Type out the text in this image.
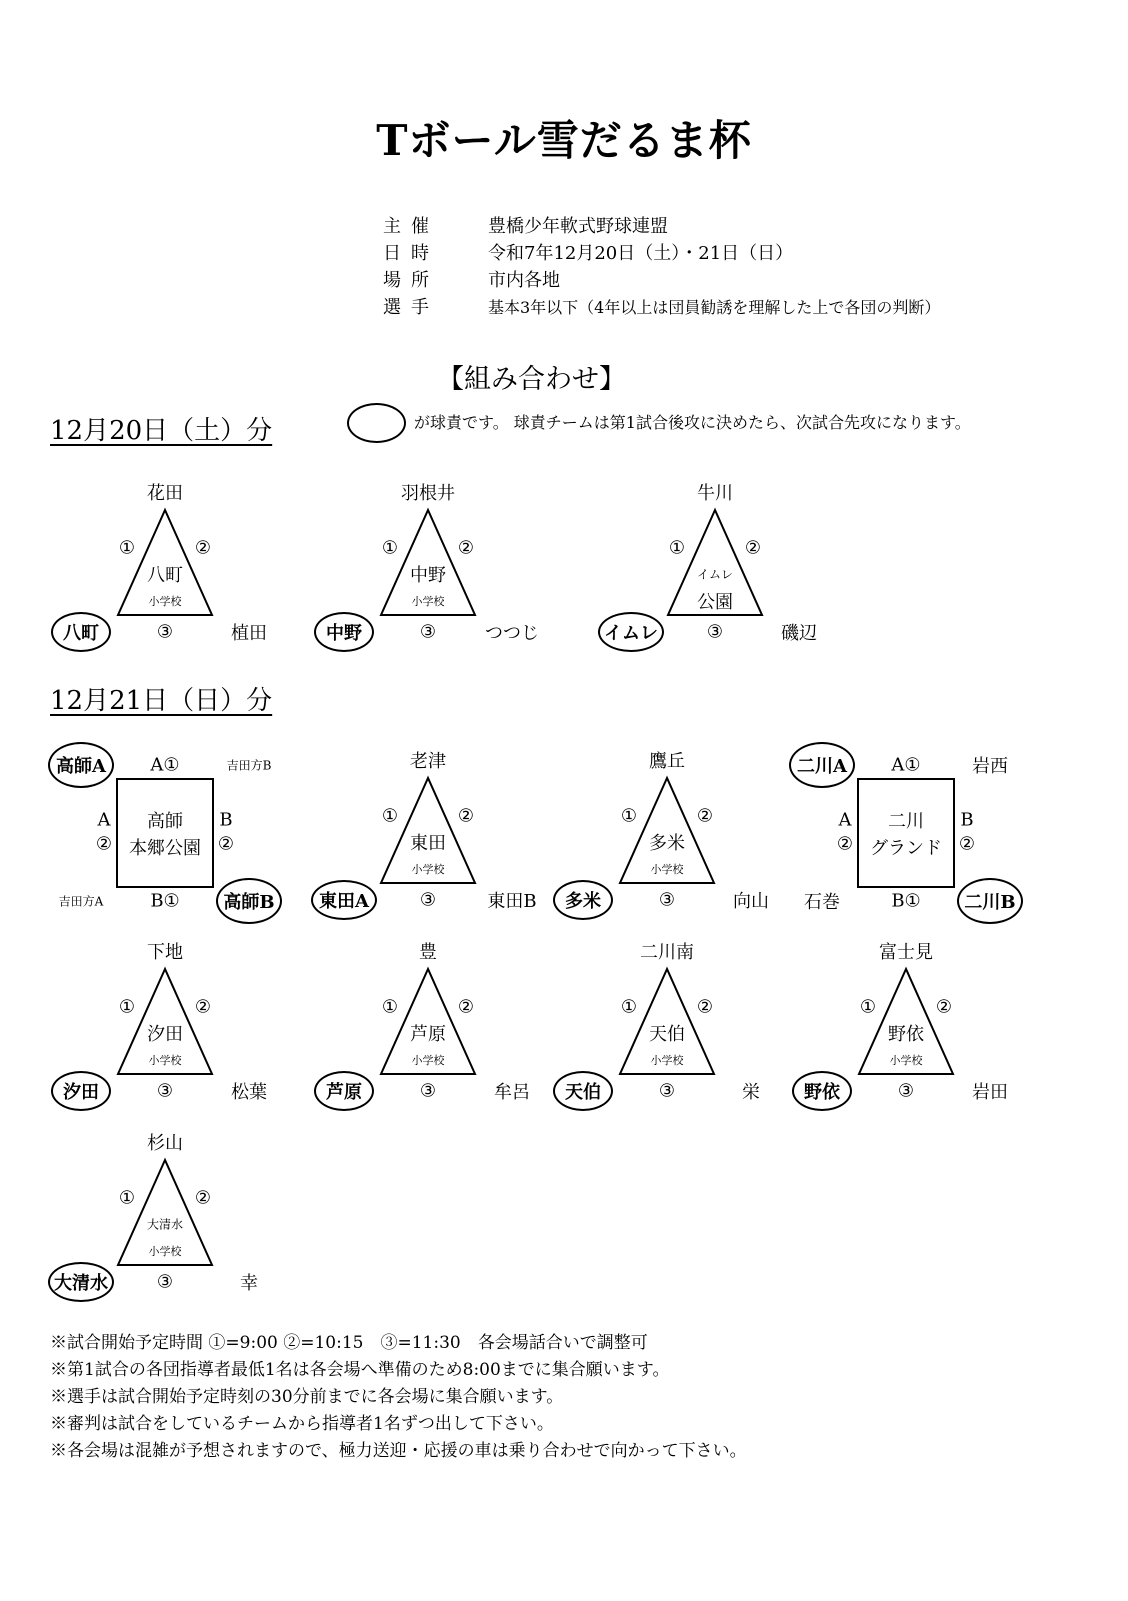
Tボール雪だるま杯
主催	豊橋少年軟式野球連盟
日時	令和7年12月20日（土）・21日（日）
場所	市内各地
選手	基本3年以下（4年以上は団員勧誘を理解した上で各団の判断）
【組み合わせ】
が球責です。 球責チームは第1試合後攻に決めたら、次試合先攻になります。
12月20日（土）分
12月21日（日）分
花田
①	②
八町
小学校
③
八町	植田
羽根井
①	②
中野
小学校
③
中野	つつじ
牛川
①	②
イムレ
公園
③
イムレ	磯辺
高師A	A①	吉田方B
A
②
B
②
高師
本郷公園
吉田方A	B①	高師B
二川A	A①	岩西
A
②
B
②
二川
グランド
石巻	B①	二川B
老津
①	②
東田
小学校
③
東田A	東田B
鷹丘
①	②
多米
小学校
③
多米	向山
下地
①	②
汐田
小学校
③
汐田	松葉
豊
①	②
芦原
小学校
③
芦原	牟呂
二川南
①	②
天伯
小学校
③
天伯	栄
富士見
①	②
野依
小学校
③
野依	岩田
杉山
①	②
大清水
小学校
③
大清水	幸
※試合開始予定時間 ①=9:00 ②=10:15　③=11:30　各会場話合いで調整可
※第1試合の各団指導者最低1名は各会場へ準備のため8:00までに集合願います。
※選手は試合開始予定時刻の30分前までに各会場に集合願います。
※審判は試合をしているチームから指導者1名ずつ出して下さい。
※各会場は混雑が予想されますので、極力送迎・応援の車は乗り合わせで向かって下さい。
